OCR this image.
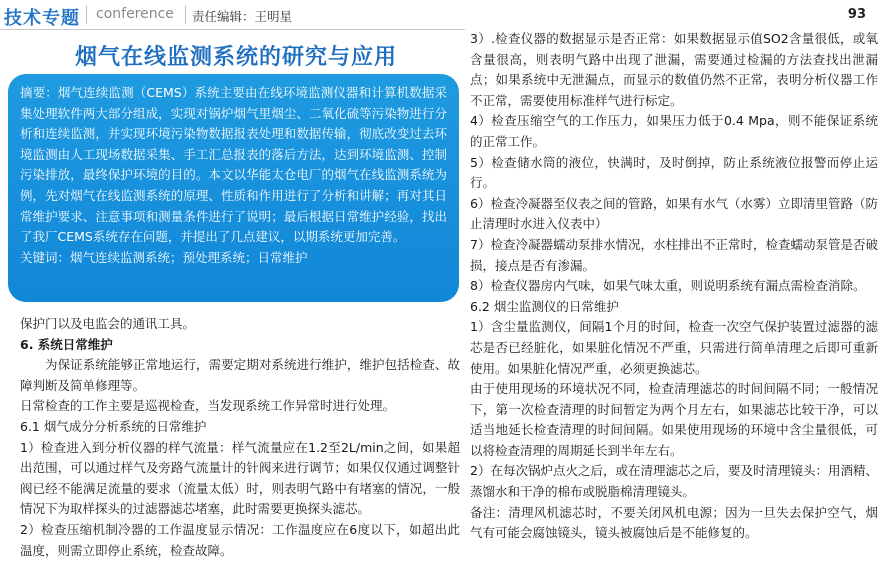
技术专题 conference 责任编辑：王明星	93
烟气在线监测系统的研究与应用

摘要：烟气连续监测（CEMS）系统主要由在线环境监测仪器和计算机数据采集处理软件两大部分组成，实现对锅炉烟气里烟尘、二氧化硫等污染物进行分析和连续监测，并实现环境污染物数据报表处理和数据传输，彻底改变过去环境监测由人工现场数据采集、手工汇总报表的落后方法，达到环境监测、控制污染排放，最终保护环境的目的。本文以华能太仓电厂的烟气在线监测系统为例，先对烟气在线监测系统的原理、性质和作用进行了分析和讲解；再对其日常维护要求、注意事项和测量条件进行了说明；最后根据日常维护经验，找出了我厂CEMS系统存在问题，并提出了几点建议，以期系统更加完善。

关键词：烟气连续监测系统；预处理系统；日常维护

保护门以及电监会的通讯工具。

6. 系统日常维护

为保证系统能够正常地运行，需要定期对系统进行维护，维护包括检查、故障判断及简单修理等。

日常检查的工作主要是巡视检查，当发现系统工作异常时进行处理。

6.1 烟气成分分析系统的日常维护

1）检查进入到分析仪器的样气流量：样气流量应在1.2至2L/min之间，如果超出范围，可以通过样气及旁路气流量计的针阀来进行调节；如果仅仅通过调整针阀已经不能满足流量的要求（流量太低）时，则表明气路中有堵塞的情况，一般情况下为取样探头的过滤器滤芯堵塞，此时需要更换探头滤芯。

2）检查压缩机制冷器的工作温度显示情况：工作温度应在6度以下，如超出此温度，则需立即停止系统，检查故障。

3）.检查仪器的数据显示是否正常：如果数据显示值SO2含量很低，或氧含量很高，则表明气路中出现了泄漏，需要通过检漏的方法查找出泄漏点；如果系统中无泄漏点，而显示的数值仍然不正常，表明分析仪器工作不正常，需要使用标准样气进行标定。

4）检查压缩空气的工作压力，如果压力低于0.4 Mpa，则不能保证系统的正常工作。

5）检查储水筒的液位，快满时，及时倒掉，防止系统液位报警而停止运行。

6）检查冷凝器至仪表之间的管路，如果有水气（水雾）立即清里管路（防止清理时水进入仪表中）

7）检查冷凝器蠕动泵排水情况，水柱排出不正常时，检查蠕动泵管是否破损，接点是否有渗漏。

8）检查仪器房内气味，如果气味太重，则说明系统有漏点需检查消除。

6.2 烟尘监测仪的日常维护

1）含尘量监测仪，间隔1个月的时间，检查一次空气保护装置过滤器的滤芯是否已经脏化，如果脏化情况不严重，只需进行简单清理之后即可重新使用。如果脏化情况严重，必须更换滤芯。

由于使用现场的环境状况不同，检查清理滤芯的时间间隔不同；一般情况下，第一次检查清理的时间暂定为两个月左右，如果滤芯比较干净，可以适当地延长检查清理的时间间隔。如果使用现场的环境中含尘量很低，可以将检查清理的周期延长到半年左右。

2）在每次锅炉点火之后，或在清理滤芯之后，要及时清理镜头：用酒精、蒸馏水和干净的棉布或脱脂棉清理镜头。

备注：清理风机滤芯时，不要关闭风机电源；因为一旦失去保护空气，烟气有可能会腐蚀镜头，镜头被腐蚀后是不能修复的。
